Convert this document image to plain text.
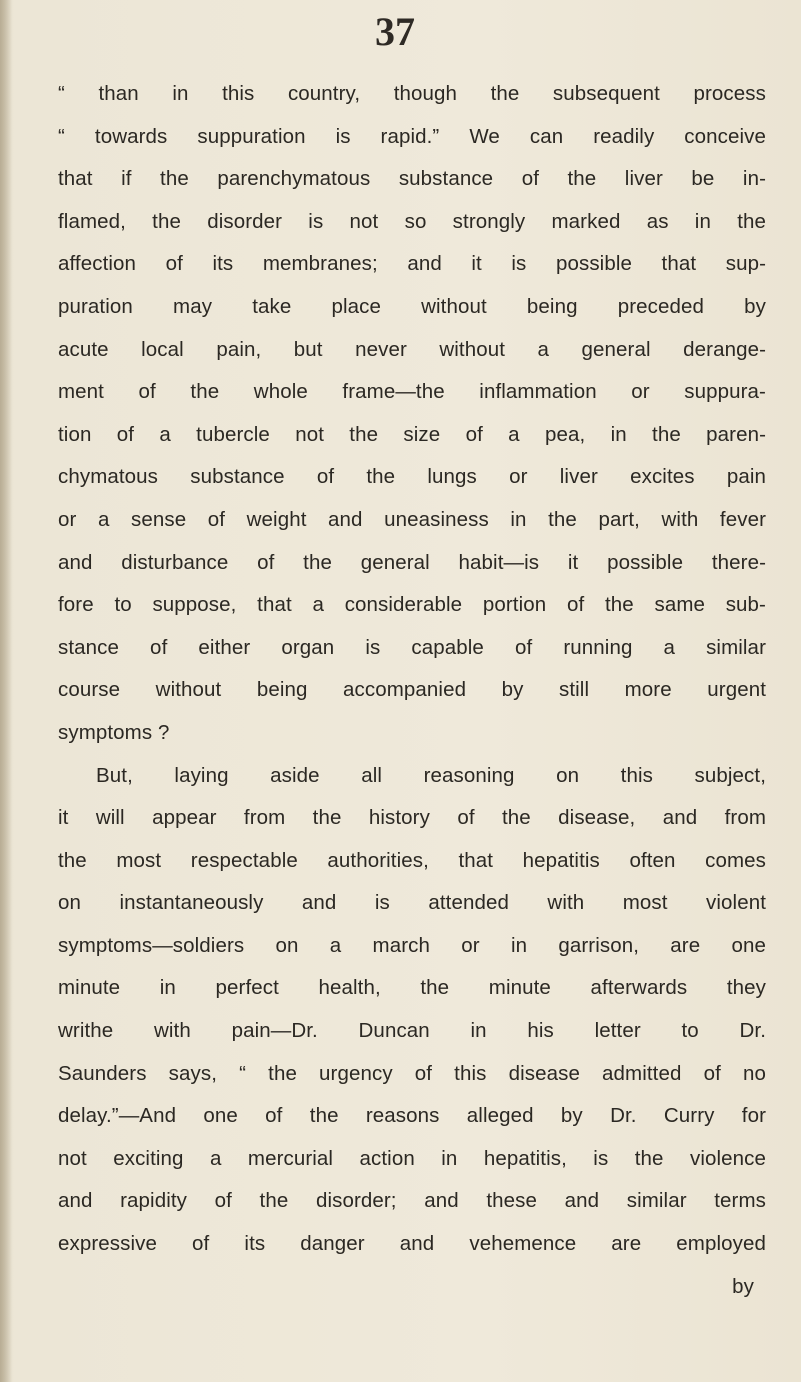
37
“ than in this country, though the subsequent process
“ towards suppuration is rapid.” We can readily conceive
that if the parenchymatous substance of the liver be in-
flamed, the disorder is not so strongly marked as in the
affection of its membranes; and it is possible that sup-
puration may take place without being preceded by
acute local pain, but never without a general derange-
ment of the whole frame—the inflammation or suppura-
tion of a tubercle not the size of a pea, in the paren-
chymatous substance of the lungs or liver excites pain
or a sense of weight and uneasiness in the part, with fever
and disturbance of the general habit—is it possible there-
fore to suppose, that a considerable portion of the same sub-
stance of either organ is capable of running a similar
course without being accompanied by still more urgent
symptoms ?
But, laying aside all reasoning on this subject,
it will appear from the history of the disease, and from
the most respectable authorities, that hepatitis often comes
on instantaneously and is attended with most violent
symptoms—soldiers on a march or in garrison, are one
minute in perfect health, the minute afterwards they
writhe with pain—Dr. Duncan in his letter to Dr.
Saunders says, “ the urgency of this disease admitted of no
delay.”—And one of the reasons alleged by Dr. Curry for
not exciting a mercurial action in hepatitis, is the violence
and rapidity of the disorder; and these and similar terms
expressive of its danger and vehemence are employed
by
